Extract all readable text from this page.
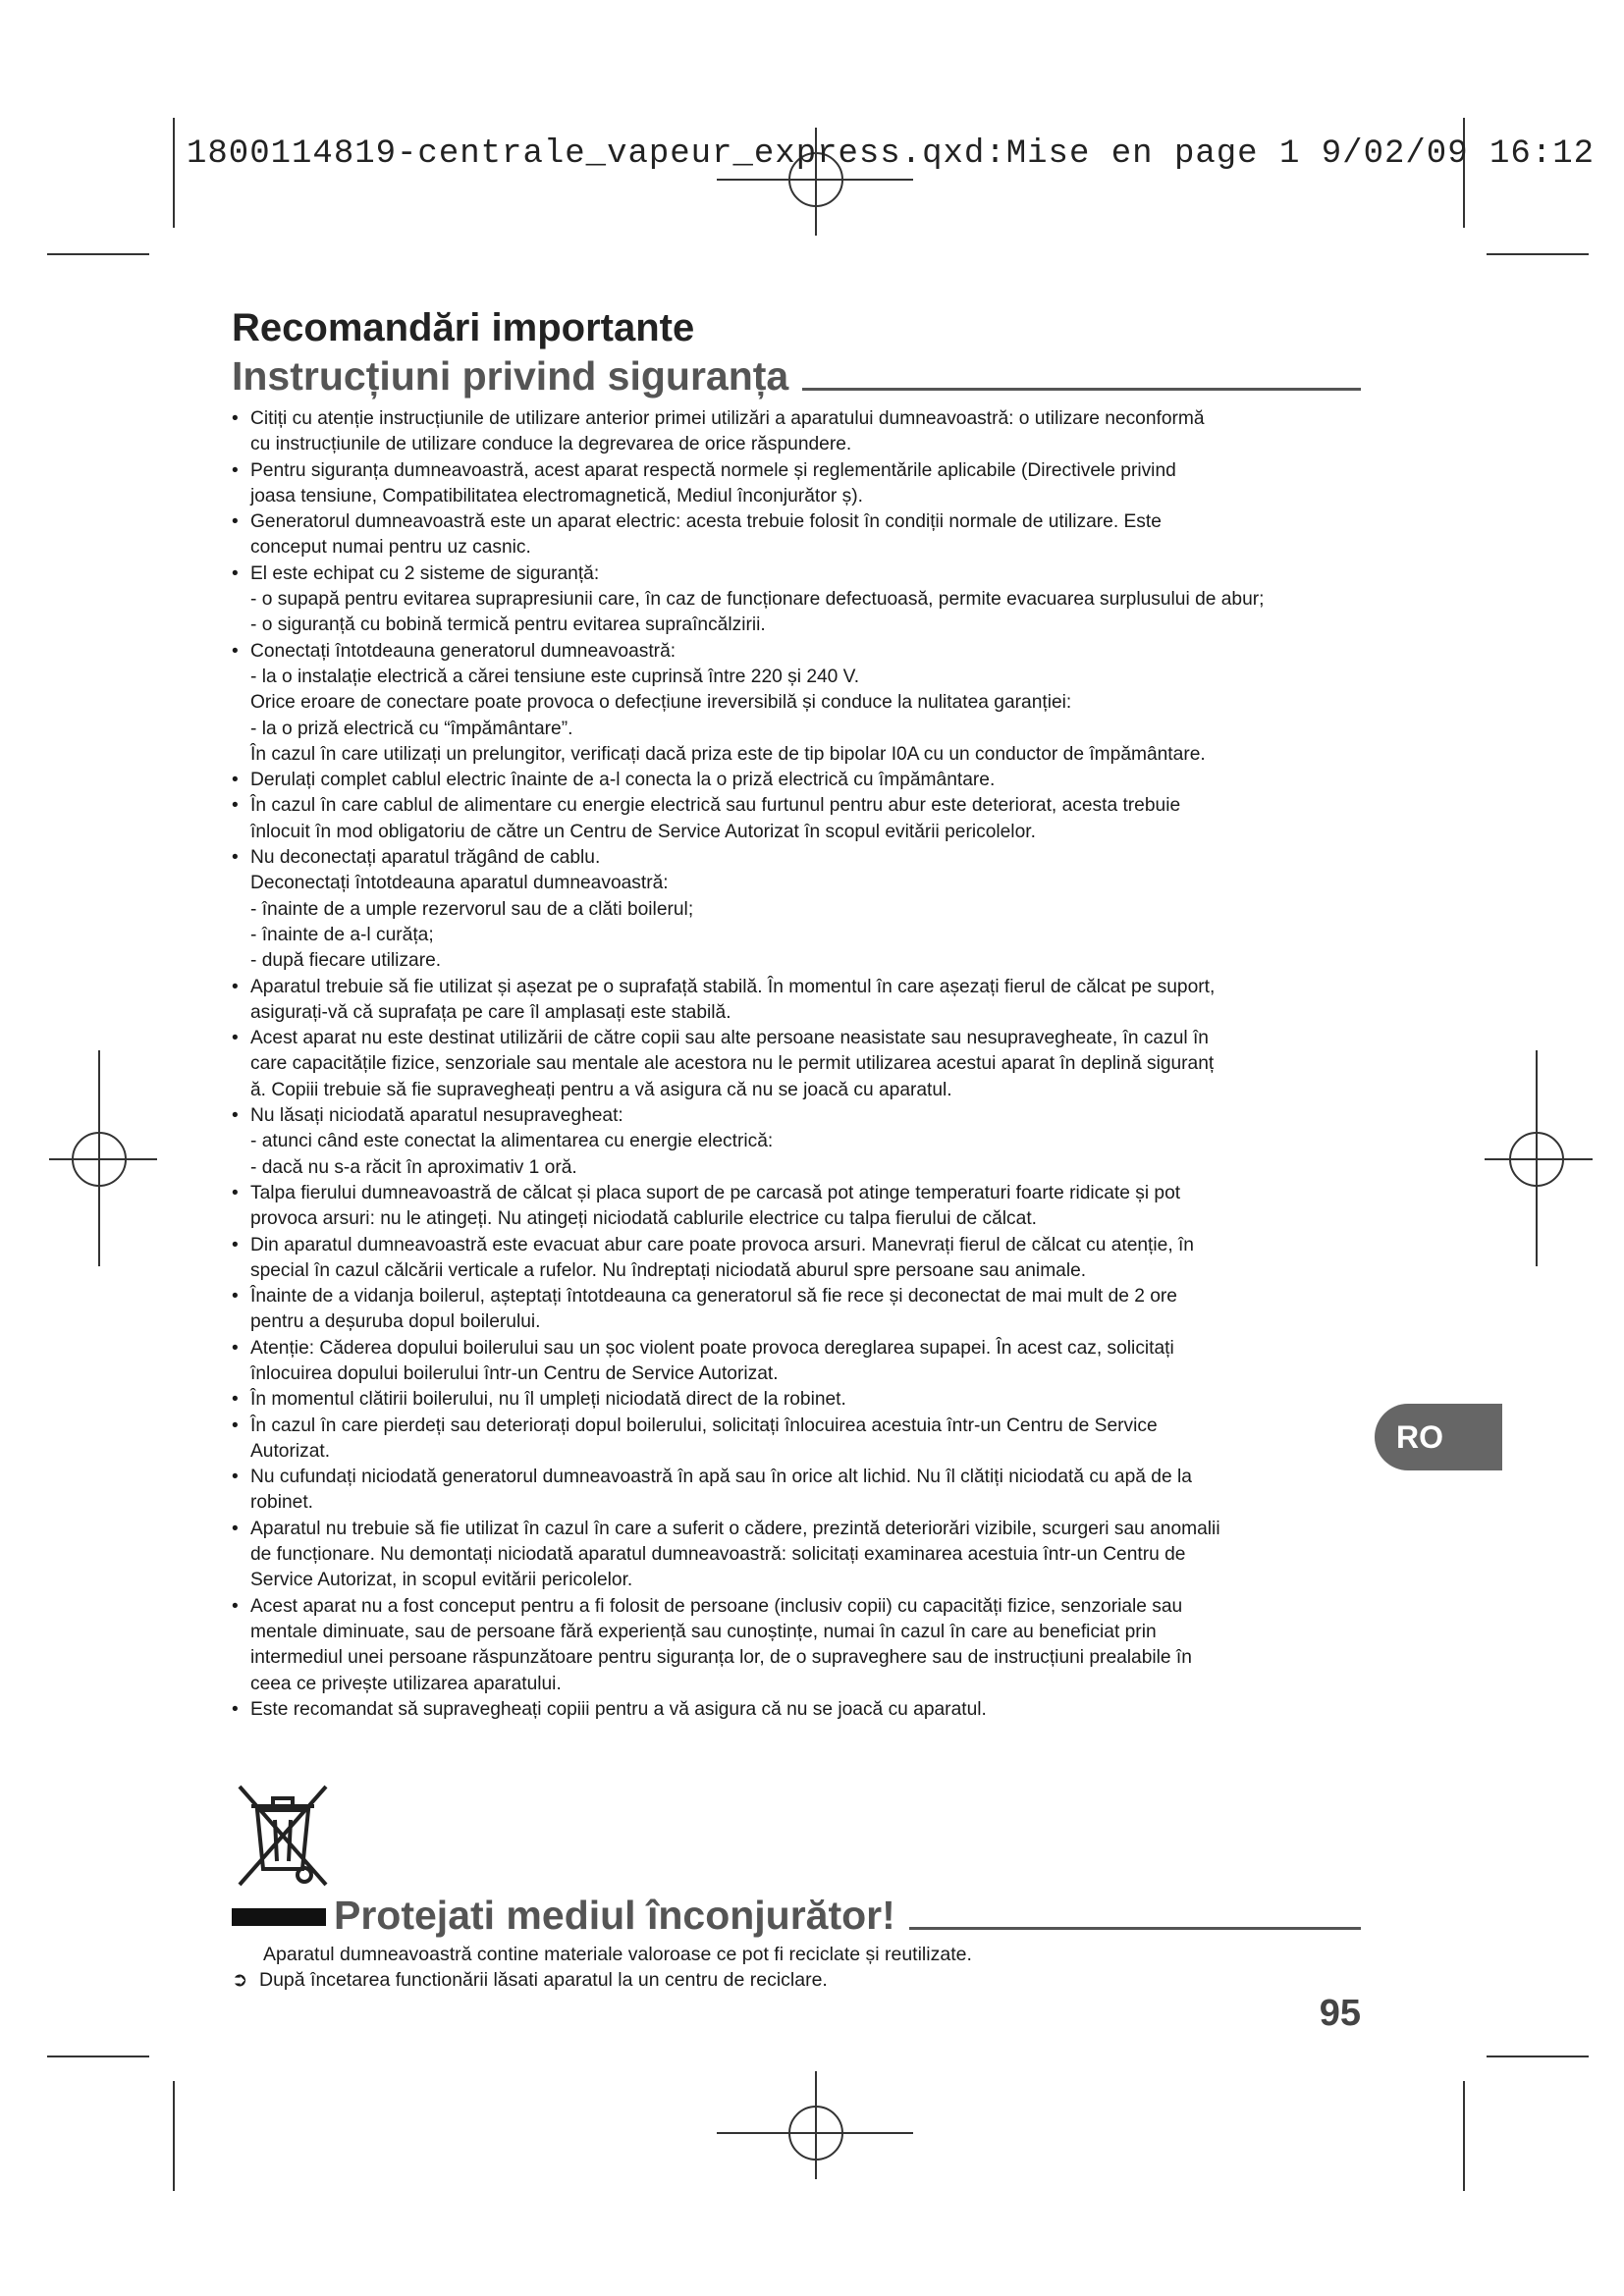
1800114819-centrale_vapeur_express.qxd:Mise en page 1 9/02/09 16:12
Recomandări importante
Instrucțiuni privind siguranța
• Citiți cu atenție instrucțiunile de utilizare anterior primei utilizări a aparatului dumneavoastră: o utilizare neconformă
cu instrucțiunile de utilizare conduce la degrevarea de orice răspundere.
• Pentru siguranța dumneavoastră, acest aparat respectă normele și reglementările aplicabile (Directivele privind
joasa tensiune, Compatibilitatea electromagnetică, Mediul înconjurător ș).
• Generatorul dumneavoastră este un aparat electric: acesta trebuie folosit în condiții normale de utilizare. Este
conceput numai pentru uz casnic.
• El este echipat cu 2 sisteme de siguranță:
- o supapă pentru evitarea suprapresiunii care, în caz de funcționare defectuoasă, permite evacuarea surplusului de abur;
- o siguranță cu bobină termică pentru evitarea supraîncălzirii.
• Conectați întotdeauna generatorul dumneavoastră:
- la o instalație electrică a cărei tensiune este cuprinsă între 220 și 240 V.
Orice eroare de conectare poate provoca o defecțiune ireversibilă și conduce la nulitatea garanției:
- la o priză electrică cu “împământare”.
În cazul în care utilizați un prelungitor, verificați dacă priza este de tip bipolar I0A cu un conductor de împământare.
• Derulați complet cablul electric înainte de a-l conecta la o priză electrică cu împământare.
• În cazul în care cablul de alimentare cu energie electrică sau furtunul pentru abur este deteriorat, acesta trebuie
înlocuit în mod obligatoriu de către un Centru de Service Autorizat în scopul evitării pericolelor.
• Nu deconectați aparatul trăgând de cablu.
Deconectați întotdeauna aparatul dumneavoastră:
- înainte de a umple rezervorul sau de a clăti boilerul;
- înainte de a-l curăța;
- după fiecare utilizare.
• Aparatul trebuie să fie utilizat și așezat pe o suprafață stabilă. În momentul în care așezați fierul de călcat pe suport,
asigurați-vă că suprafața pe care îl amplasați este stabilă.
• Acest aparat nu este destinat utilizării de către copii sau alte persoane neasistate sau nesupravegheate, în cazul în
care capacitățile fizice, senzoriale sau mentale ale acestora nu le permit utilizarea acestui aparat în deplină siguranț
ă. Copiii trebuie să fie supravegheați pentru a vă asigura că nu se joacă cu aparatul.
• Nu lăsați niciodată aparatul nesupravegheat:
- atunci când este conectat la alimentarea cu energie electrică:
- dacă nu s-a răcit în aproximativ 1 oră.
• Talpa fierului dumneavoastră de călcat și placa suport de pe carcasă pot atinge temperaturi foarte ridicate și pot
provoca arsuri: nu le atingeți. Nu atingeți niciodată cablurile electrice cu talpa fierului de călcat.
• Din aparatul dumneavoastră este evacuat abur care poate provoca arsuri. Manevrați fierul de călcat cu atenție, în
special în cazul călcării verticale a rufelor. Nu îndreptați niciodată aburul spre persoane sau animale.
• Înainte de a vidanja boilerul, așteptați întotdeauna ca generatorul să fie rece și deconectat de mai mult de 2 ore
pentru a deșuruba dopul boilerului.
• Atenție: Căderea dopului boilerului sau un șoc violent poate provoca dereglarea supapei. În acest caz, solicitați
înlocuirea dopului boilerului într-un Centru de Service Autorizat.
• În momentul clătirii boilerului, nu îl umpleți niciodată direct de la robinet.
• În cazul în care pierdeți sau deteriorați dopul boilerului, solicitați înlocuirea acestuia într-un Centru de Service
Autorizat.
• Nu cufundați niciodată generatorul dumneavoastră în apă sau în orice alt lichid. Nu îl clătiți niciodată cu apă de la
robinet.
• Aparatul nu trebuie să fie utilizat în cazul în care a suferit o cădere, prezintă deteriorări vizibile, scurgeri sau anomalii
de funcționare. Nu demontați niciodată aparatul dumneavoastră: solicitați examinarea acestuia într-un Centru de
Service Autorizat, in scopul evitării pericolelor.
• Acest aparat nu a fost conceput pentru a fi folosit de persoane (inclusiv copii) cu capacități fizice, senzoriale sau
mentale diminuate, sau de persoane fără experiență sau cunoștințe, numai în cazul în care au beneficiat prin
intermediul unei persoane răspunzătoare pentru siguranța lor, de o supraveghere sau de instrucțiuni prealabile în
ceea ce privește utilizarea aparatului.
• Este recomandat să supravegheați copiii pentru a vă asigura că nu se joacă cu aparatul.
Protejati mediul înconjurător!
Aparatul dumneavoastră contine materiale valoroase ce pot fi reciclate și reutilizate.
➲ După încetarea functionării lăsati aparatul la un centru de reciclare.
95
RO
